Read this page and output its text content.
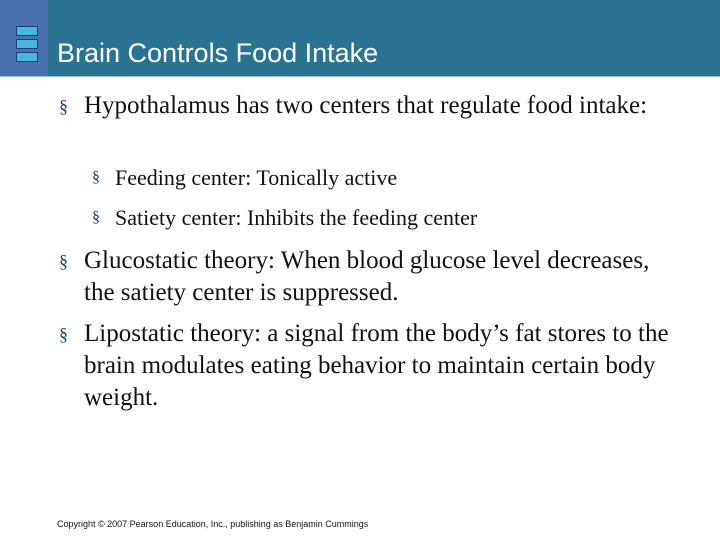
Brain Controls Food Intake
§ Hypothalamus has two centers that regulate food intake:
§ Feeding center: Tonically active
§ Satiety center: Inhibits the feeding center
§ Glucostatic theory: When blood glucose level decreases, the satiety center is suppressed.
§ Lipostatic theory: a signal from the body’s fat stores to the brain modulates eating behavior to maintain certain body weight.
Copyright © 2007 Pearson Education, Inc., publishing as Benjamin Cummings
